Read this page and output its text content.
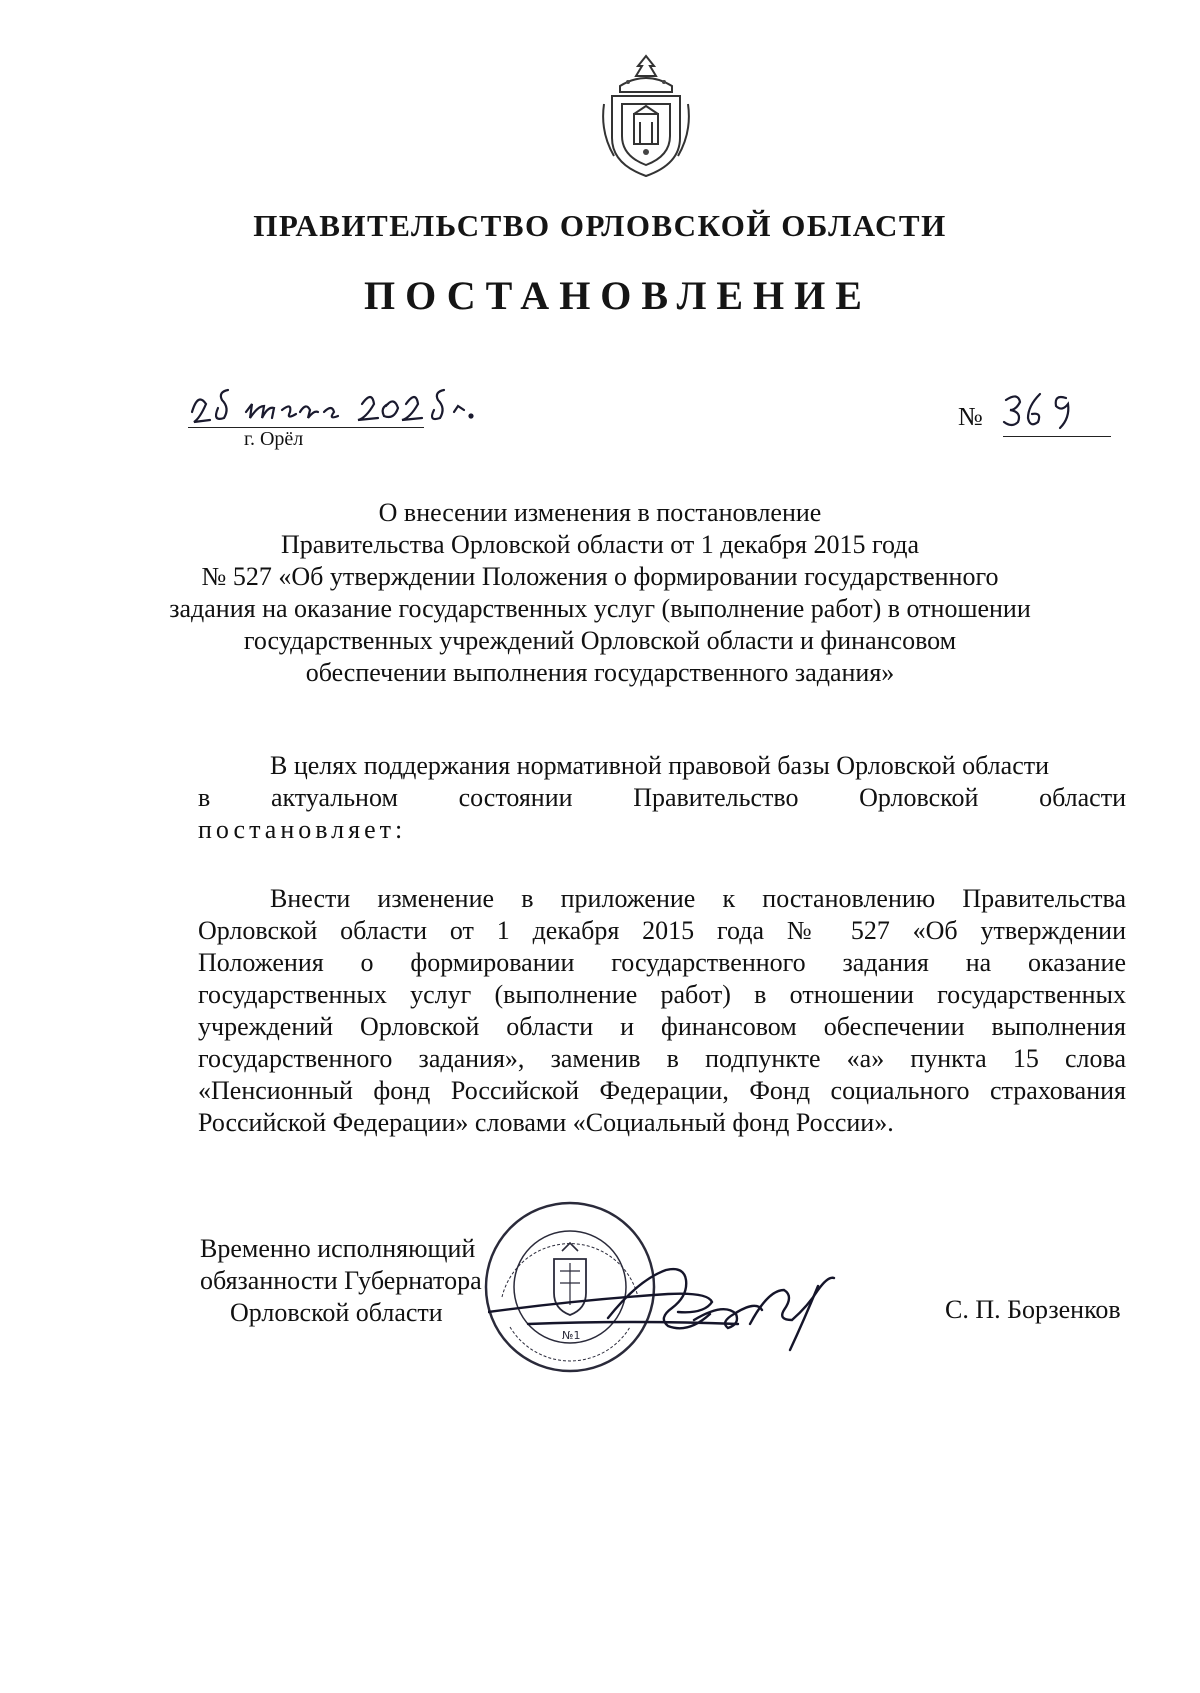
ПРАВИТЕЛЬСТВО ОРЛОВСКОЙ ОБЛАСТИ
ПОСТАНОВЛЕНИЕ
г. Орёл
№
О внесении изменения в постановление
Правительства Орловской области от 1 декабря 2015 года
№ 527 «Об утверждении Положения о формировании государственного
задания на оказание государственных услуг (выполнение работ) в отношении
государственных учреждений Орловской области и финансовом
обеспечении выполнения государственного задания»
В целях поддержания нормативной правовой базы Орловской области
в актуальном состоянии Правительство Орловской области
постановляет:
Внести изменение в приложение к постановлению Правительства
Орловской области от 1 декабря 2015 года № 527 «Об утверждении
Положения о формировании государственного задания на оказание
государственных услуг (выполнение работ) в отношении государственных
учреждений Орловской области и финансовом обеспечении выполнения
государственного задания», заменив в подпункте «а» пункта 15 слова
«Пенсионный фонд Российской Федерации, Фонд социального страхования
Российской Федерации» словами «Социальный фонд России».
Временно исполняющий
обязанности Губернатора
Орловской области
№1
С. П. Борзенков
